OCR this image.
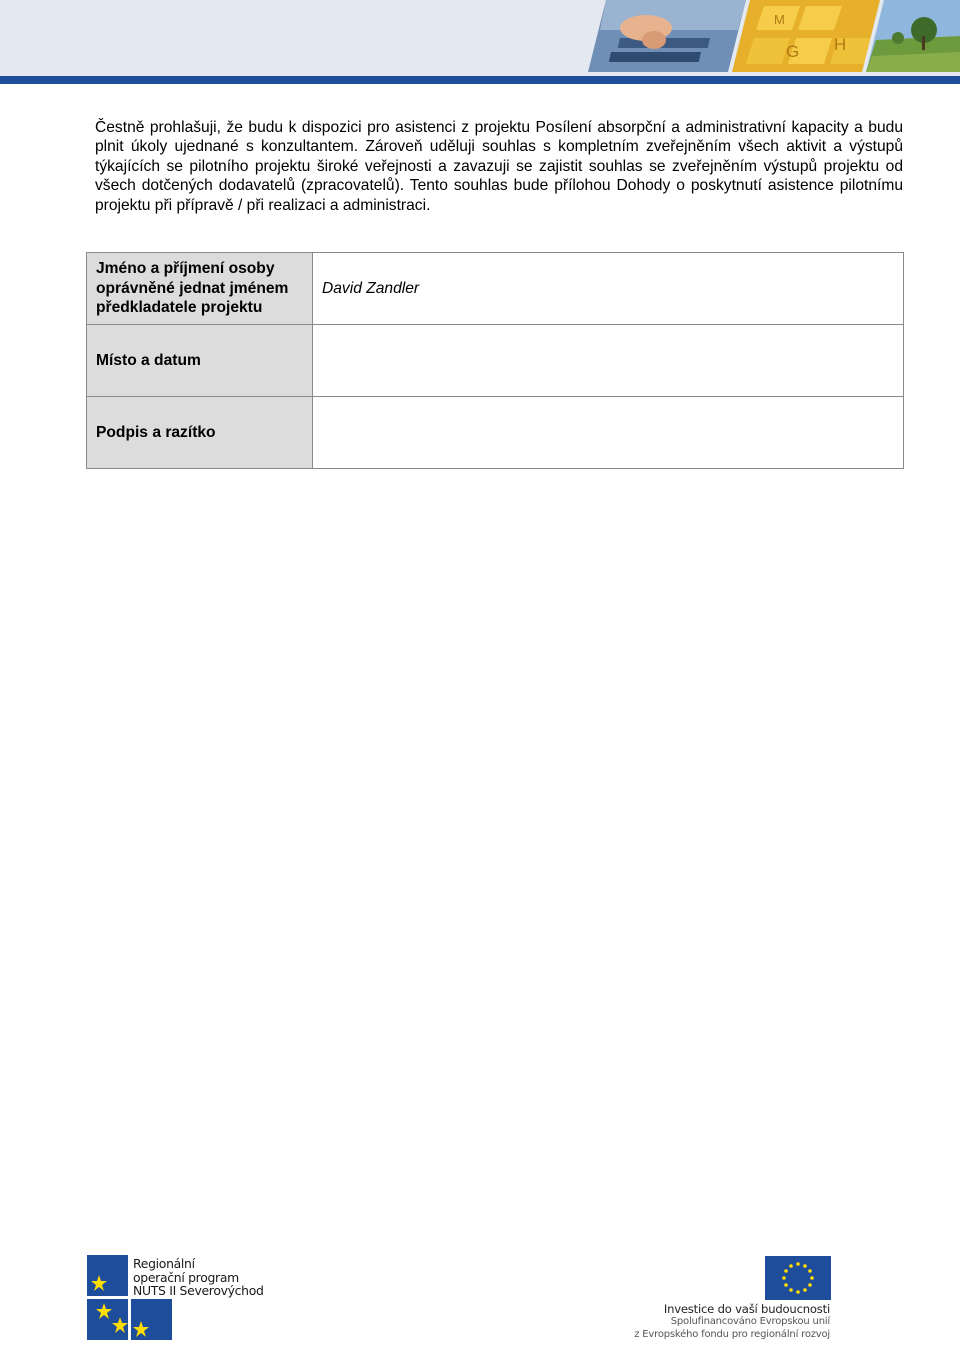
M
G H

Čestně prohlašuji, že budu k dispozici pro asistenci z projektu Posílení absorpční a administrativní kapacity a budu plnit úkoly ujednané s konzultantem. Zároveň uděluji souhlas s kompletním zveřejněním všech aktivit a výstupů týkajících se pilotního projektu široké veřejnosti a zavazuji se zajistit souhlas se zveřejněním výstupů projektu od všech dotčených dodavatelů (zpracovatelů). Tento souhlas bude přílohou Dohody o poskytnutí asistence pilotnímu projektu při přípravě / při realizaci a administraci.

Jméno a příjmení osoby oprávněné jednat jménem předkladatele projektu	David Zandler
Místo a datum	
Podpis a razítko	
Regionální
operační program
NUTS II Severovýchod
Investice do vaší budoucnosti
Spolufinancováno Evropskou unií
z Evropského fondu pro regionální rozvoj
